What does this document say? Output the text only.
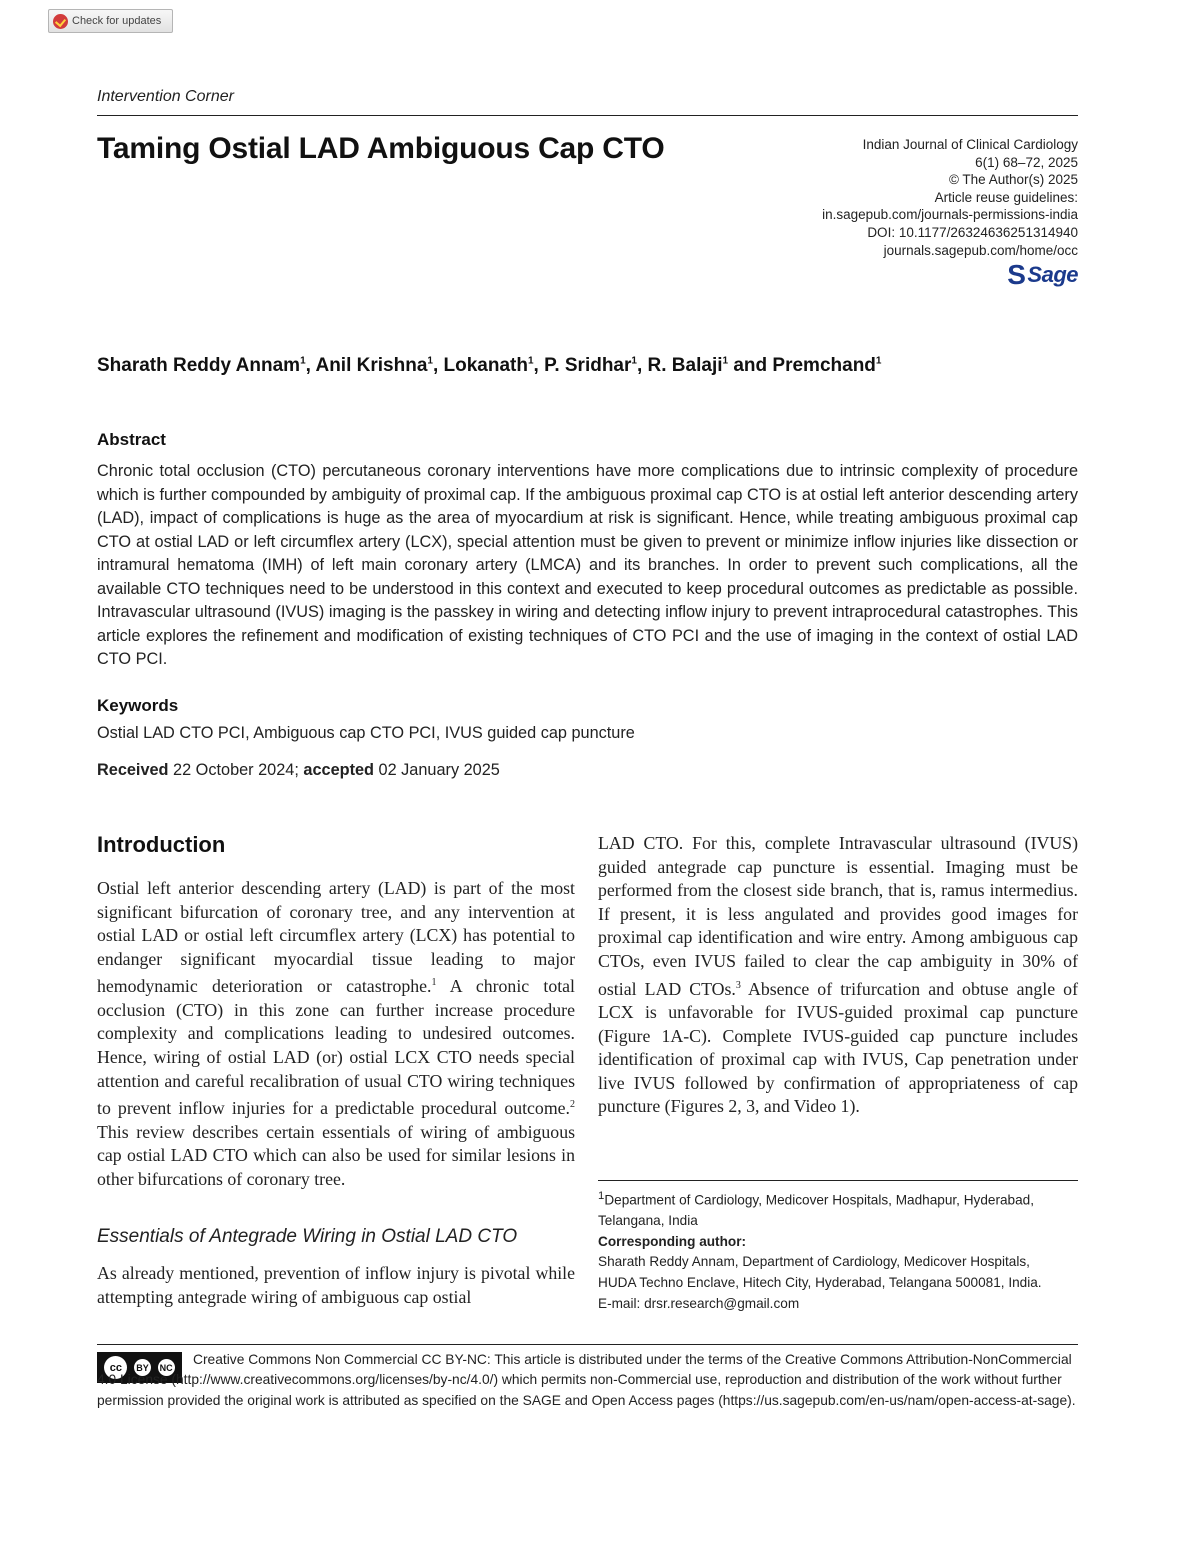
Check for updates
Intervention Corner
Taming Ostial LAD Ambiguous Cap CTO	Indian Journal of Clinical Cardiology
6(1) 68–72, 2025
© The Author(s) 2025
Article reuse guidelines:
in.sagepub.com/journals-permissions-india
DOI: 10.1177/26324636251314940
journals.sagepub.com/home/occ
S Sage
Sharath Reddy Annam$^1$, Anil Krishna$^1$, Lokanath$^1$, P. Sridhar$^1$, R. Balaji$^1$ and Premchand$^1$
Abstract
Chronic total occlusion (CTO) percutaneous coronary interventions have more complications due to intrinsic complexity of procedure which is further compounded by ambiguity of proximal cap. If the ambiguous proximal cap CTO is at ostial left anterior descending artery (LAD), impact of complications is huge as the area of myocardium at risk is significant. Hence, while treating ambiguous proximal cap CTO at ostial LAD or left circumflex artery (LCX), special attention must be given to prevent or minimize inflow injuries like dissection or intramural hematoma (IMH) of left main coronary artery (LMCA) and its branches. In order to prevent such complications, all the available CTO techniques need to be understood in this context and executed to keep procedural outcomes as predictable as possible. Intravascular ultrasound (IVUS) imaging is the passkey in wiring and detecting inflow injury to prevent intraprocedural catastrophes. This article explores the refinement and modification of existing techniques of CTO PCI and the use of imaging in the context of ostial LAD CTO PCI.
Keywords
Ostial LAD CTO PCI, Ambiguous cap CTO PCI, IVUS guided cap puncture
Received 22 October 2024; accepted 02 January 2025
Introduction
Ostial left anterior descending artery (LAD) is part of the most significant bifurcation of coronary tree, and any intervention at ostial LAD or ostial left circumflex artery (LCX) has potential to endanger significant myocardial tissue leading to major hemodynamic deterioration or catastrophe.$^1$ A chronic total occlusion (CTO) in this zone can further increase procedure complexity and complications leading to undesired outcomes. Hence, wiring of ostial LAD (or) ostial LCX CTO needs special attention and careful recalibration of usual CTO wiring techniques to prevent inflow injuries for a predictable procedural outcome.$^2$ This review describes certain essentials of wiring of ambiguous cap ostial LAD CTO which can also be used for similar lesions in other bifurcations of coronary tree.
Essentials of Antegrade Wiring in Ostial LAD CTO
As already mentioned, prevention of inflow injury is pivotal while attempting antegrade wiring of ambiguous cap ostial
LAD CTO. For this, complete Intravascular ultrasound (IVUS) guided antegrade cap puncture is essential. Imaging must be performed from the closest side branch, that is, ramus intermedius. If present, it is less angulated and provides good images for proximal cap identification and wire entry. Among ambiguous cap CTOs, even IVUS failed to clear the cap ambiguity in 30% of ostial LAD CTOs.$^3$ Absence of trifurcation and obtuse angle of LCX is unfavorable for IVUS-guided proximal cap puncture (Figure 1A-C). Complete IVUS-guided cap puncture includes identification of proximal cap with IVUS, Cap penetration under live IVUS followed by confirmation of appropriateness of cap puncture (Figures 2, 3, and Video 1).
$^1$Department of Cardiology, Medicover Hospitals, Madhapur, Hyderabad, Telangana, India
Corresponding author:
Sharath Reddy Annam, Department of Cardiology, Medicover Hospitals,
HUDA Techno Enclave, Hitech City, Hyderabad, Telangana 500081, India.
E-mail: drsr.research@gmail.com
cc	BY NC
Creative Commons Non Commercial CC BY-NC: This article is distributed under the terms of the Creative Commons Attribution-NonCommercial 4.0 License (http://www.creativecommons.org/licenses/by-nc/4.0/) which permits non-Commercial use, reproduction and distribution of the work without further permission provided the original work is attributed as specified on the SAGE and Open Access pages (https://us.sagepub.com/en-us/nam/open-access-at-sage).
